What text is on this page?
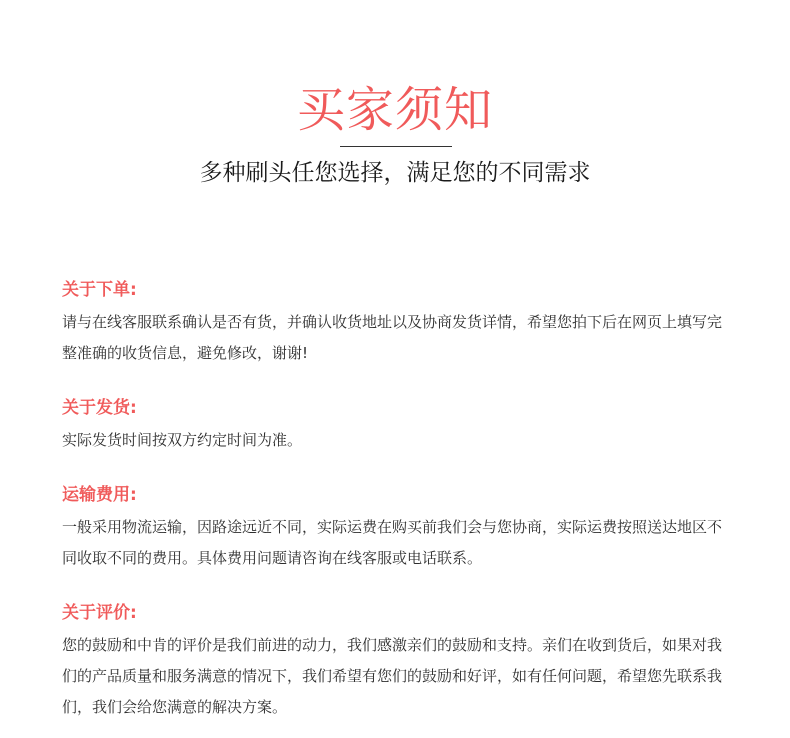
买家须知
多种刷头任您选择，满足您的不同需求
关于下单:

请与在线客服联系确认是否有货，并确认收货地址以及协商发货详情，希望您拍下后在网页上填写完整准确的收货信息，避免修改，谢谢!

关于发货:

实际发货时间按双方约定时间为准。

运输费用:

一般采用物流运输，因路途远近不同，实际运费在购买前我们会与您协商，实际运费按照送达地区不同收取不同的费用。具体费用问题请咨询在线客服或电话联系。

关于评价:

您的鼓励和中肯的评价是我们前进的动力，我们感激亲们的鼓励和支持。亲们在收到货后，如果对我们的产品质量和服务满意的情况下，我们希望有您们的鼓励和好评，如有任何问题，希望您先联系我们，我们会给您满意的解决方案。
